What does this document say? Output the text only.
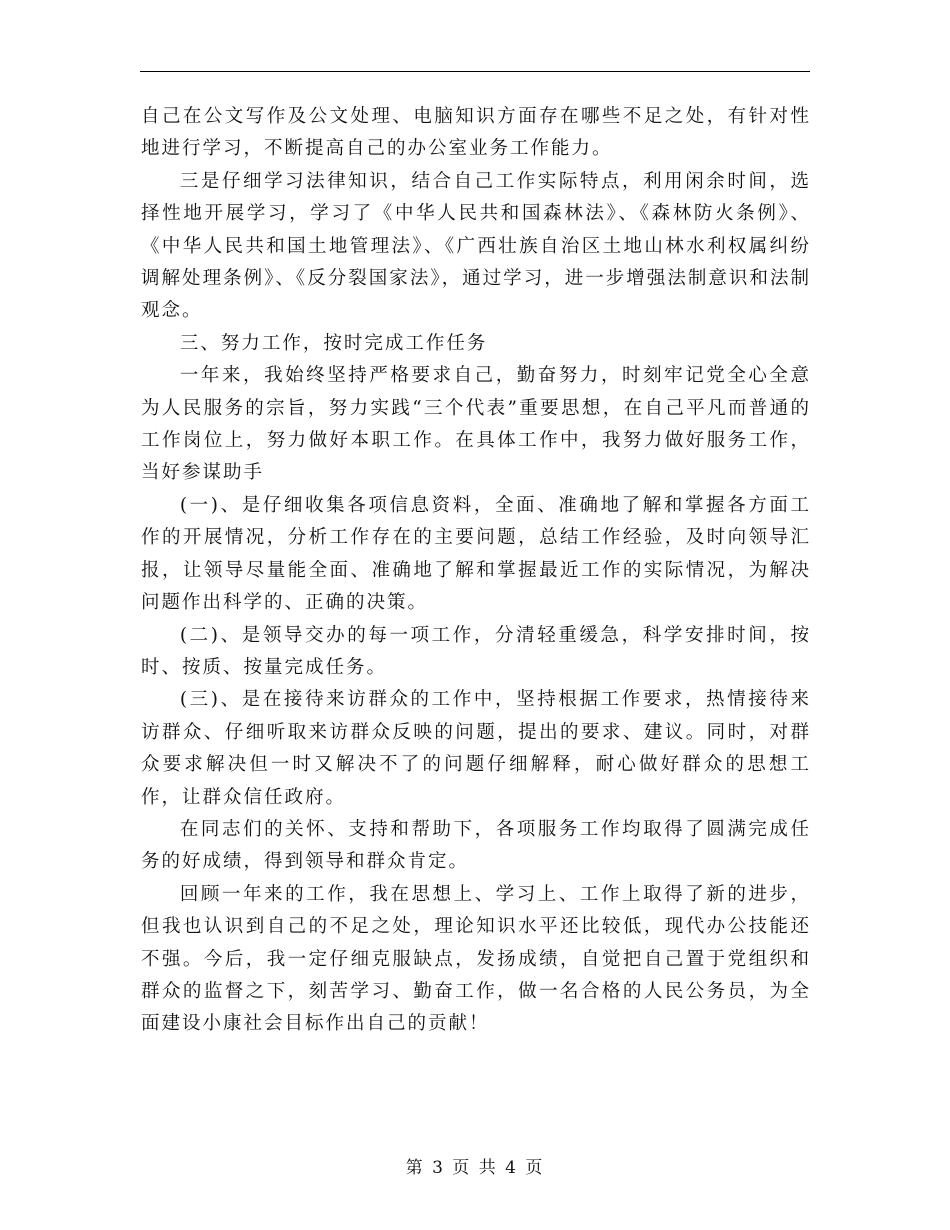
自己在公文写作及公文处理、电脑知识方面存在哪些不足之处，有针对性地进行学习，不断提高自己的办公室业务工作能力。

三是仔细学习法律知识，结合自己工作实际特点，利用闲余时间，选择性地开展学习，学习了《中华人民共和国森林法》、《森林防火条例》、《中华人民共和国土地管理法》、《广西壮族自治区土地山林水利权属纠纷调解处理条例》、《反分裂国家法》，通过学习，进一步增强法制意识和法制观念。

三、努力工作，按时完成工作任务

一年来，我始终坚持严格要求自己，勤奋努力，时刻牢记党全心全意为人民服务的宗旨，努力实践“三个代表”重要思想，在自己平凡而普通的工作岗位上，努力做好本职工作。在具体工作中，我努力做好服务工作，当好参谋助手

(一)、是仔细收集各项信息资料，全面、准确地了解和掌握各方面工作的开展情况，分析工作存在的主要问题，总结工作经验，及时向领导汇报，让领导尽量能全面、准确地了解和掌握最近工作的实际情况，为解决问题作出科学的、正确的决策。

(二)、是领导交办的每一项工作，分清轻重缓急，科学安排时间，按时、按质、按量完成任务。

(三)、是在接待来访群众的工作中，坚持根据工作要求，热情接待来访群众、仔细听取来访群众反映的问题，提出的要求、建议。同时，对群众要求解决但一时又解决不了的问题仔细解释，耐心做好群众的思想工作，让群众信任政府。

在同志们的关怀、支持和帮助下，各项服务工作均取得了圆满完成任务的好成绩，得到领导和群众肯定。

回顾一年来的工作，我在思想上、学习上、工作上取得了新的进步，但我也认识到自己的不足之处，理论知识水平还比较低，现代办公技能还不强。今后，我一定仔细克服缺点，发扬成绩，自觉把自己置于党组织和群众的监督之下，刻苦学习、勤奋工作，做一名合格的人民公务员，为全面建设小康社会目标作出自己的贡献！

第 3 页 共 4 页
